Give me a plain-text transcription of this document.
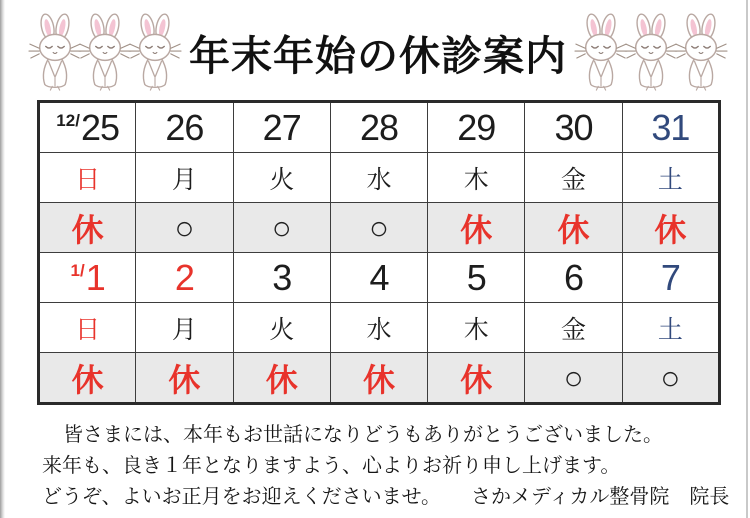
年末年始の休診案内
$^{12/}$25	26	27	28	29	30	31
日	月	火	水	木	金	土
休	○	○	○	休	休	休
$^{1/}$1	2	3	4	5	6	7
日	月	火	水	木	金	土
休	休	休	休	休	○	○

皆さまには、本年もお世話になりどうもありがとうございました。

来年も、良き１年となりますよう、心よりお祈り申し上げます。

どうぞ、よいお正月をお迎えくださいませ。 さかメディカル整骨院　院長
